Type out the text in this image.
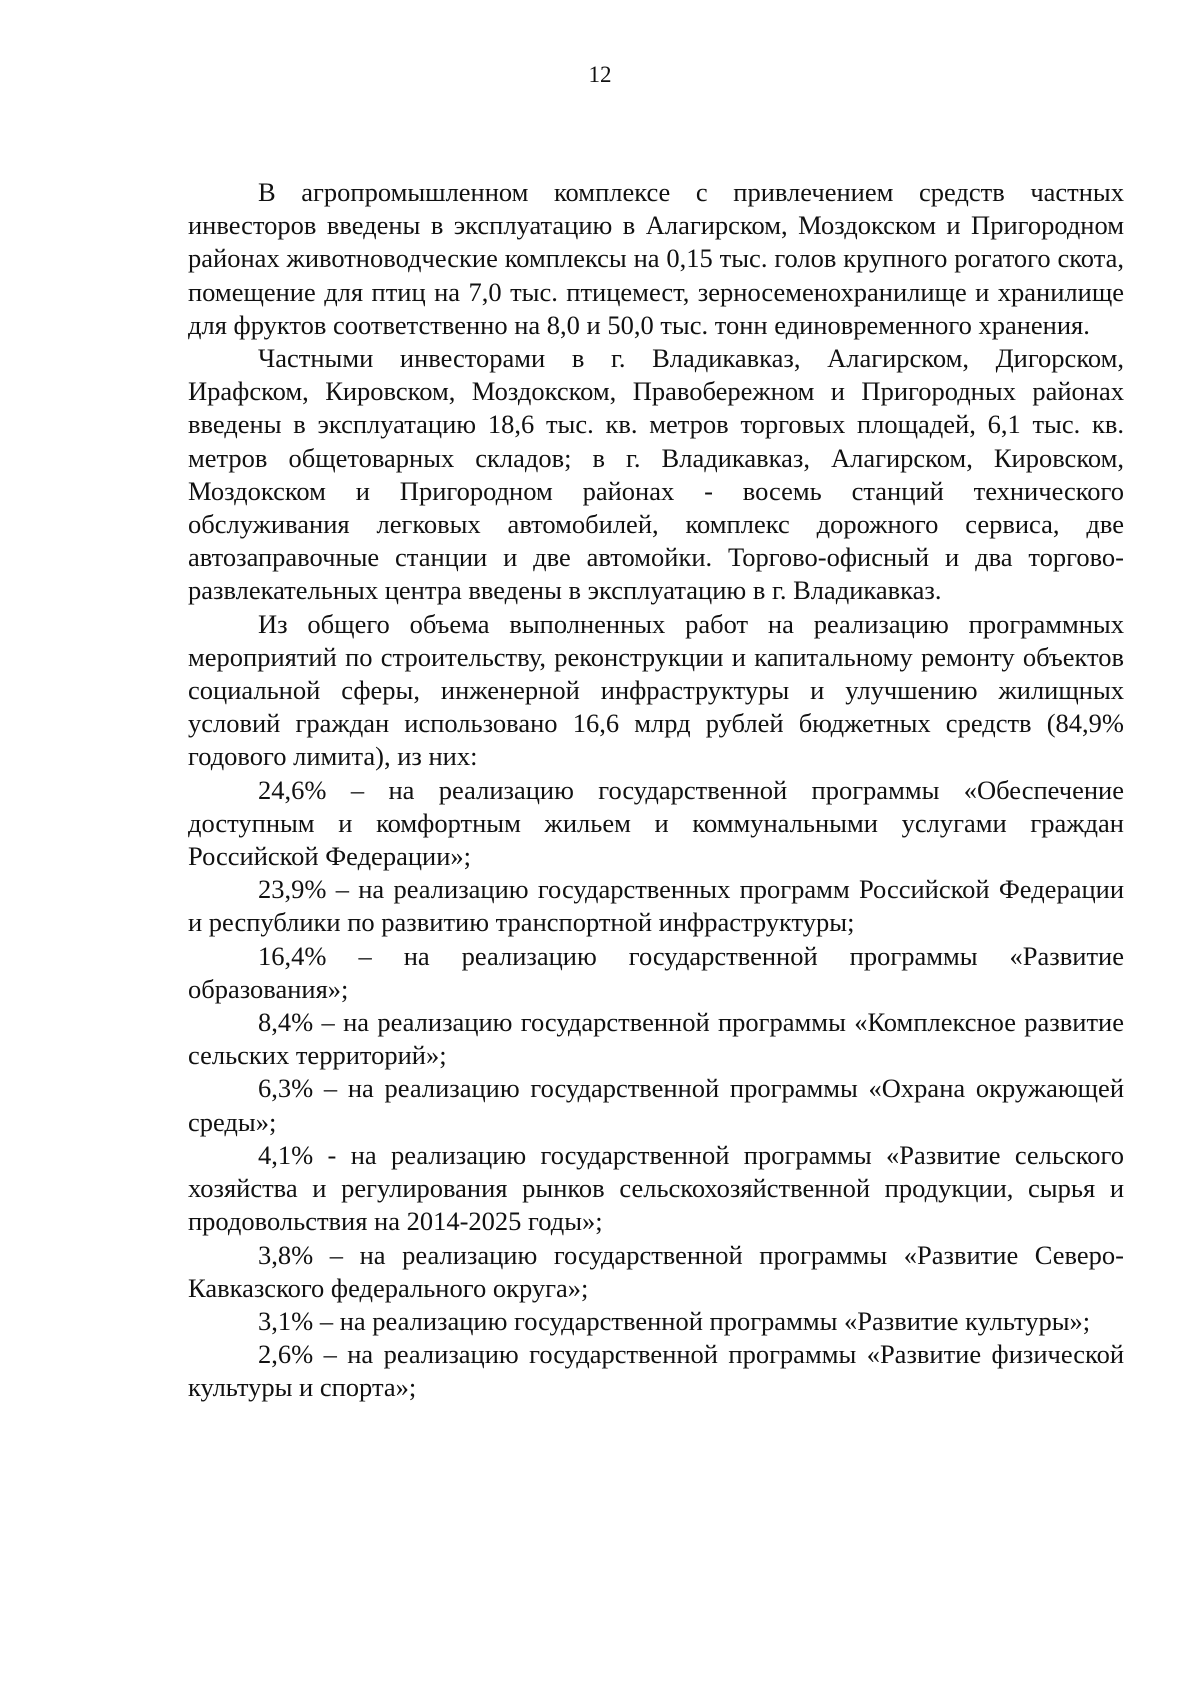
12

В агропромышленном комплексе с привлечением средств частных инвесторов введены в эксплуатацию в Алагирском, Моздокском и Пригородном районах животноводческие комплексы на 0,15 тыс. голов крупного рогатого скота, помещение для птиц на 7,0 тыс. птицемест, зерносеменохранилище и хранилище для фруктов соответственно на 8,0 и 50,0 тыс. тонн единовременного хранения.

Частными инвесторами в г. Владикавказ, Алагирском, Дигорском, Ирафском, Кировском, Моздокском, Правобережном и Пригородных районах введены в эксплуатацию 18,6 тыс. кв. метров торговых площадей, 6,1 тыс. кв. метров общетоварных складов; в г. Владикавказ, Алагирском, Кировском, Моздокском и Пригородном районах - восемь станций технического обслуживания легковых автомобилей, комплекс дорожного сервиса, две автозаправочные станции и две автомойки. Торгово-офисный и два торгово-развлекательных центра введены в эксплуатацию в г. Владикавказ.

Из общего объема выполненных работ на реализацию программных мероприятий по строительству, реконструкции и капитальному ремонту объектов социальной сферы, инженерной инфраструктуры и улучшению жилищных условий граждан использовано 16,6 млрд рублей бюджетных средств (84,9% годового лимита), из них:

24,6% – на реализацию государственной программы «Обеспечение доступным и комфортным жильем и коммунальными услугами граждан Российской Федерации»;

23,9% – на реализацию государственных программ Российской Федерации и республики по развитию транспортной инфраструктуры;

16,4% – на реализацию государственной программы «Развитие образования»;

8,4% – на реализацию государственной программы «Комплексное развитие сельских территорий»;

6,3% – на реализацию государственной программы «Охрана окружающей среды»;

4,1% - на реализацию государственной программы «Развитие сельского хозяйства и регулирования рынков сельскохозяйственной продукции, сырья и продовольствия на 2014-2025 годы»;

3,8% – на реализацию государственной программы «Развитие Северо-Кавказского федерального округа»;

3,1% – на реализацию государственной программы «Развитие культуры»;

2,6% – на реализацию государственной программы «Развитие физической культуры и спорта»;
